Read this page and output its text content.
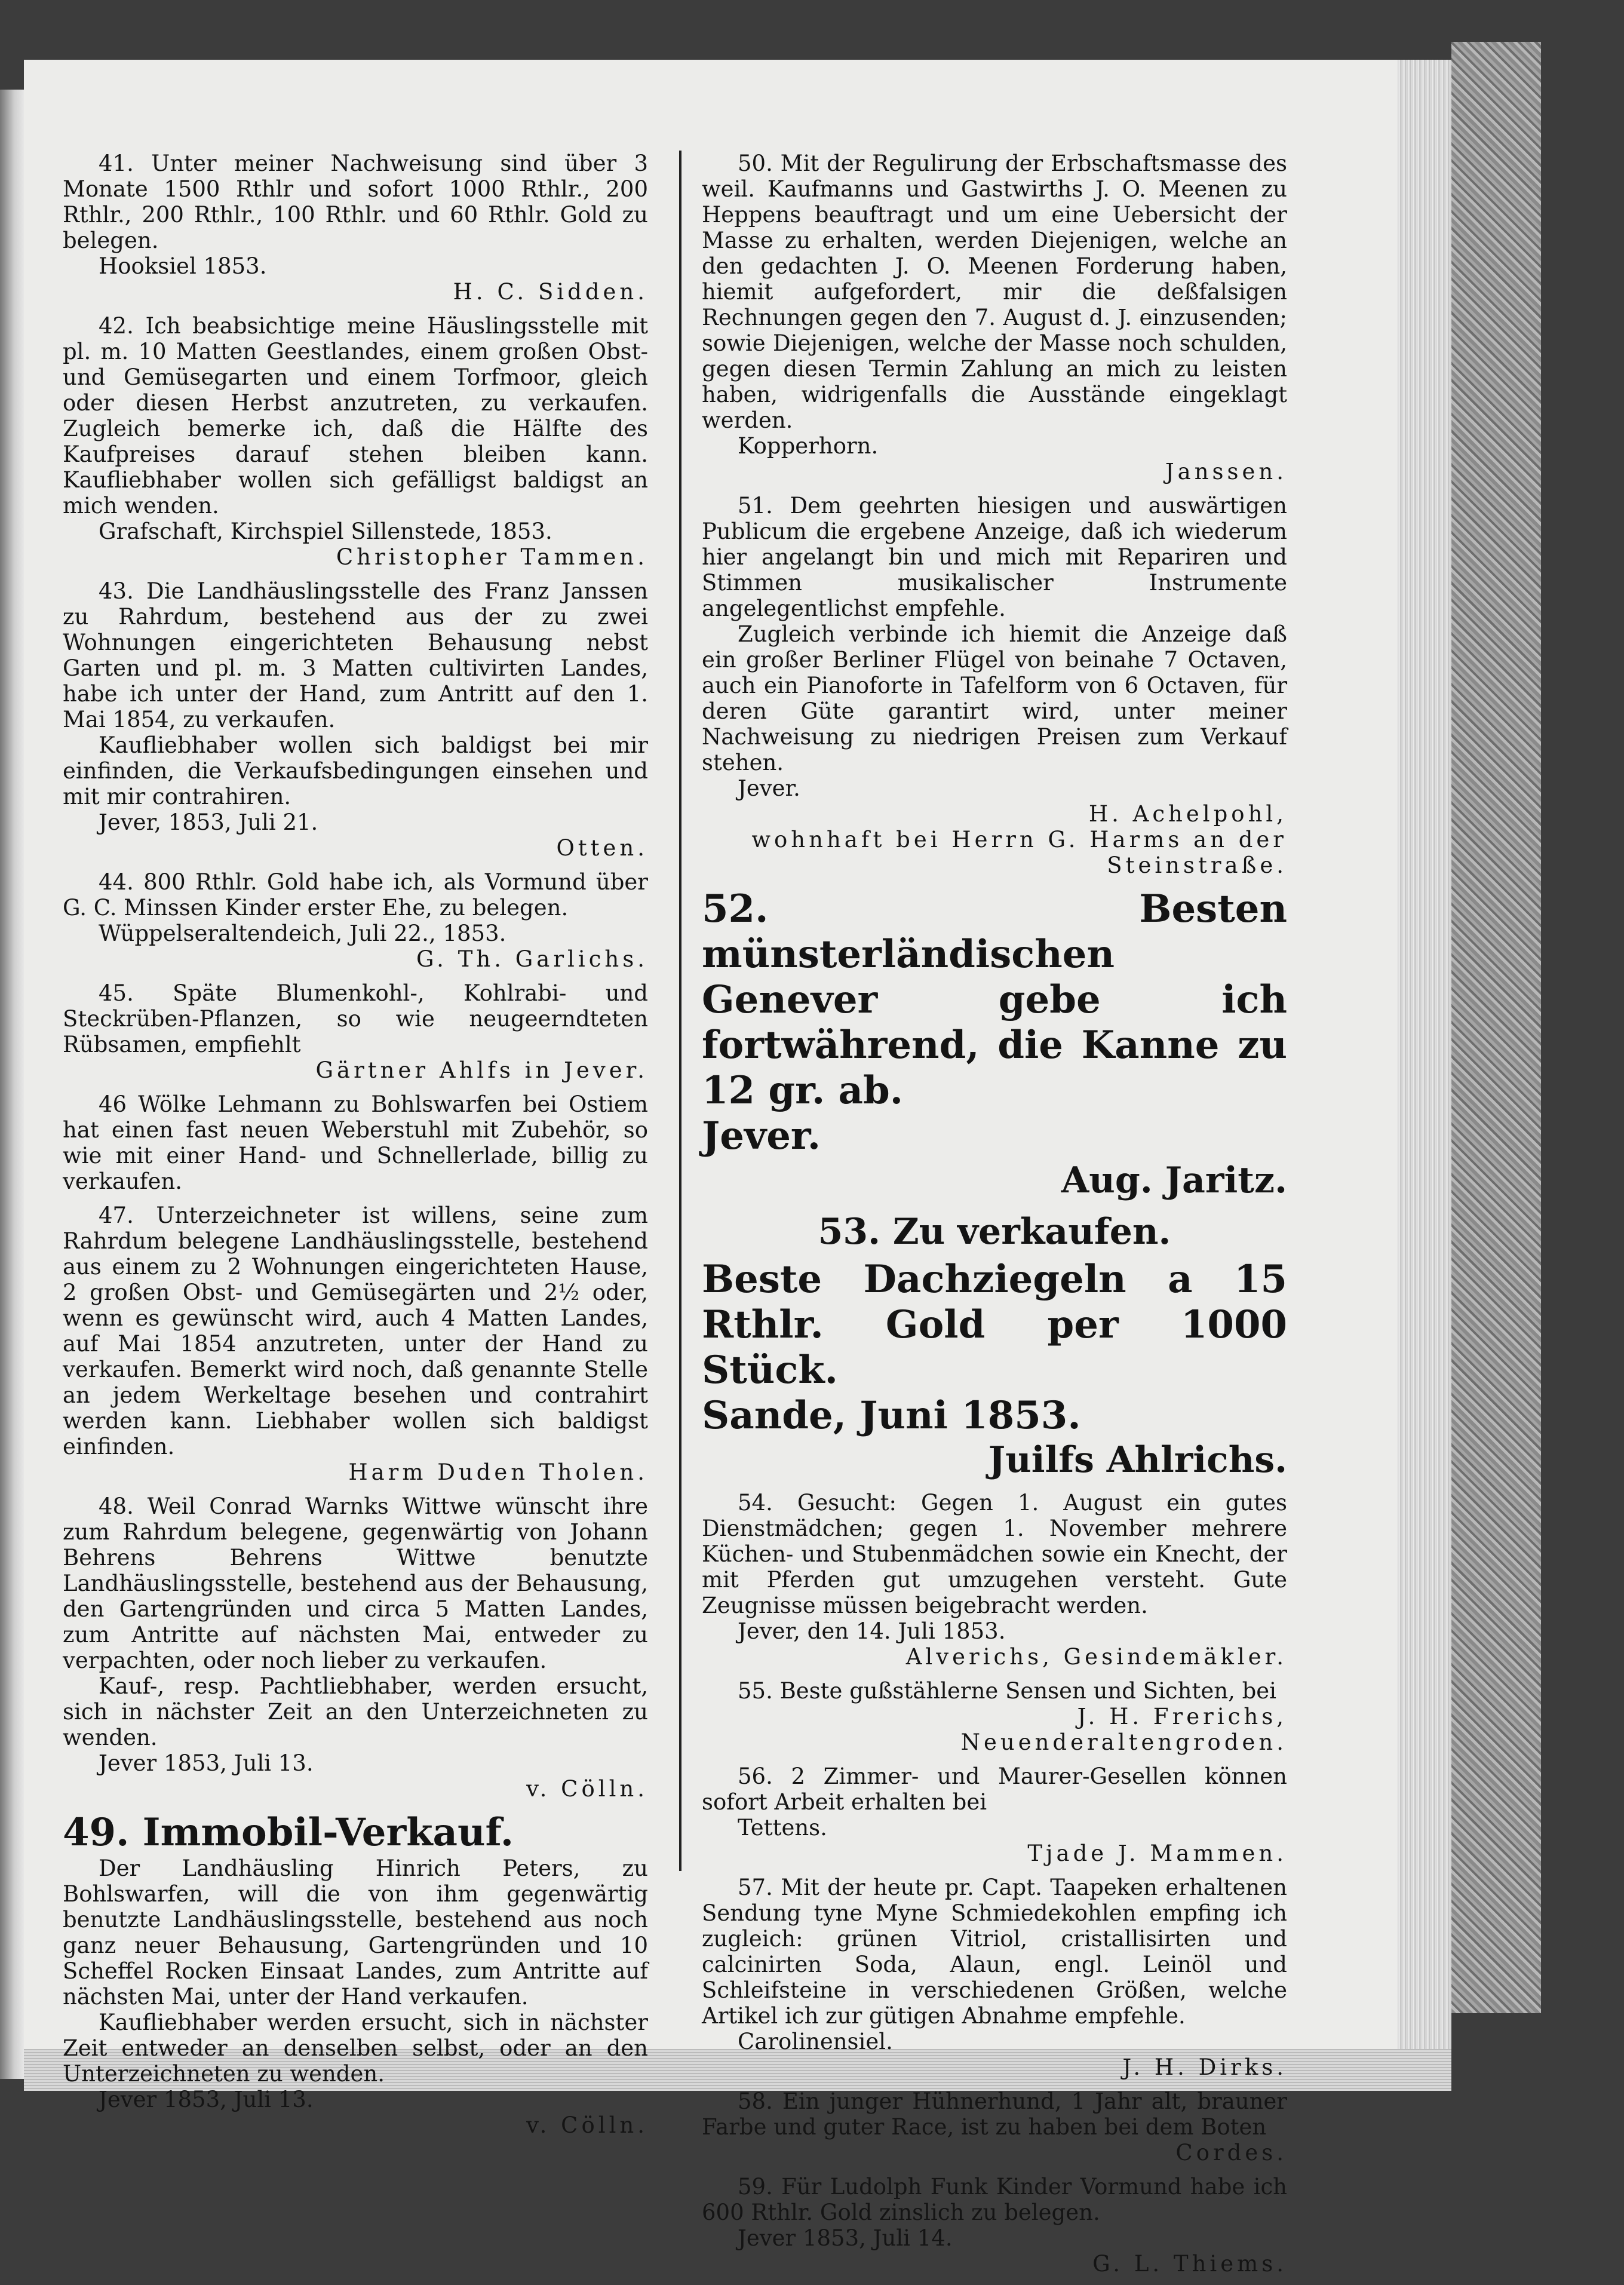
41. Unter meiner Nachweisung sind über 3 Monate 1500 Rthlr und sofort 1000 Rthlr., 200 Rthlr., 200 Rthlr., 100 Rthlr. und 60 Rthlr. Gold zu belegen.

Hooksiel 1853.

H. C. Sidden.

42. Ich beabsichtige meine Häuslingsstelle mit pl. m. 10 Matten Geestlandes, einem großen Obst- und Gemüsegarten und einem Torfmoor, gleich oder diesen Herbst anzutreten, zu verkaufen. Zugleich bemerke ich, daß die Hälfte des Kaufpreises darauf stehen bleiben kann. Kaufliebhaber wollen sich gefälligst baldigst an mich wenden.

Grafschaft, Kirchspiel Sillenstede, 1853.

Christopher Tammen.

43. Die Landhäuslingsstelle des Franz Janssen zu Rahrdum, bestehend aus der zu zwei Wohnungen eingerichteten Behausung nebst Garten und pl. m. 3 Matten cultivirten Landes, habe ich unter der Hand, zum Antritt auf den 1. Mai 1854, zu verkaufen.

Kaufliebhaber wollen sich baldigst bei mir einfinden, die Verkaufsbedingungen einsehen und mit mir contrahiren.

Jever, 1853, Juli 21.

Otten.

44. 800 Rthlr. Gold habe ich, als Vormund über G. C. Minssen Kinder erster Ehe, zu belegen.

Wüppelseraltendeich, Juli 22., 1853.

G. Th. Garlichs.

45. Späte Blumenkohl-, Kohlrabi- und Steckrüben-Pflanzen, so wie neugeerndteten Rübsamen, empfiehlt

Gärtner Ahlfs in Jever.

46 Wölke Lehmann zu Bohlswarfen bei Ostiem hat einen fast neuen Weberstuhl mit Zubehör, so wie mit einer Hand- und Schnellerlade, billig zu verkaufen.

47. Unterzeichneter ist willens, seine zum Rahrdum belegene Landhäuslingsstelle, bestehend aus einem zu 2 Wohnungen eingerichteten Hause, 2 großen Obst- und Gemüsegärten und 2½ oder, wenn es gewünscht wird, auch 4 Matten Landes, auf Mai 1854 anzutreten, unter der Hand zu verkaufen. Bemerkt wird noch, daß genannte Stelle an jedem Werkeltage besehen und contrahirt werden kann. Liebhaber wollen sich baldigst einfinden.

Harm Duden Tholen.

48. Weil Conrad Warnks Wittwe wünscht ihre zum Rahrdum belegene, gegenwärtig von Johann Behrens Behrens Wittwe benutzte Landhäuslingsstelle, bestehend aus der Behausung, den Gartengründen und circa 5 Matten Landes, zum Antritte auf nächsten Mai, entweder zu verpachten, oder noch lieber zu verkaufen.

Kauf-, resp. Pachtliebhaber, werden ersucht, sich in nächster Zeit an den Unterzeichneten zu wenden.

Jever 1853, Juli 13.

v. Cölln.

49. Immobil-Verkauf.

Der Landhäusling Hinrich Peters, zu Bohlswarfen, will die von ihm gegenwärtig benutzte Landhäuslingsstelle, bestehend aus noch ganz neuer Behausung, Gartengründen und 10 Scheffel Rocken Einsaat Landes, zum Antritte auf nächsten Mai, unter der Hand verkaufen.

Kaufliebhaber werden ersucht, sich in nächster Zeit entweder an denselben selbst, oder an den Unterzeichneten zu wenden.

Jever 1853, Juli 13.

v. Cölln.

50. Mit der Regulirung der Erbschaftsmasse des weil. Kaufmanns und Gastwirths J. O. Meenen zu Heppens beauftragt und um eine Uebersicht der Masse zu erhalten, werden Diejenigen, welche an den gedachten J. O. Meenen Forderung haben, hiemit aufgefordert, mir die deßfalsigen Rechnungen gegen den 7. August d. J. einzusenden; sowie Diejenigen, welche der Masse noch schulden, gegen diesen Termin Zahlung an mich zu leisten haben, widrigenfalls die Ausstände eingeklagt werden.

Kopperhorn.

Janssen.

51. Dem geehrten hiesigen und auswärtigen Publicum die ergebene Anzeige, daß ich wiederum hier angelangt bin und mich mit Repariren und Stimmen musikalischer Instrumente angelegentlichst empfehle.

Zugleich verbinde ich hiemit die Anzeige daß ein großer Berliner Flügel von beinahe 7 Octaven, auch ein Pianoforte in Tafelform von 6 Octaven, für deren Güte garantirt wird, unter meiner Nachweisung zu niedrigen Preisen zum Verkauf stehen.

Jever.

H. Achelpohl,

wohnhaft bei Herrn G. Harms an der Steinstraße.

52. Besten münsterländischen Genever gebe ich fortwährend, die Kanne zu 12 gr. ab.
Jever.
Aug. Jaritz.
53. Zu verkaufen.
Beste Dachziegeln a 15 Rthlr. Gold per 1000 Stück.
Sande, Juni 1853.
Juilfs Ahlrichs.

54. Gesucht: Gegen 1. August ein gutes Dienstmädchen; gegen 1. November mehrere Küchen- und Stubenmädchen sowie ein Knecht, der mit Pferden gut umzugehen versteht. Gute Zeugnisse müssen beigebracht werden.

Jever, den 14. Juli 1853.

Alverichs, Gesindemäkler.

55. Beste gußstählerne Sensen und Sichten, bei

J. H. Frerichs,

Neuenderaltengroden.

56. 2 Zimmer- und Maurer-Gesellen können sofort Arbeit erhalten bei

Tettens.

Tjade J. Mammen.

57. Mit der heute pr. Capt. Taapeken erhaltenen Sendung tyne Myne Schmiedekohlen empfing ich zugleich: grünen Vitriol, cristallisirten und calcinirten Soda, Alaun, engl. Leinöl und Schleifsteine in verschiedenen Größen, welche Artikel ich zur gütigen Abnahme empfehle.

Carolinensiel.

J. H. Dirks.

58. Ein junger Hühnerhund, 1 Jahr alt, brauner Farbe und guter Race, ist zu haben bei dem Boten

Cordes.

59. Für Ludolph Funk Kinder Vormund habe ich 600 Rthlr. Gold zinslich zu belegen.

Jever 1853, Juli 14.

G. L. Thiems.
